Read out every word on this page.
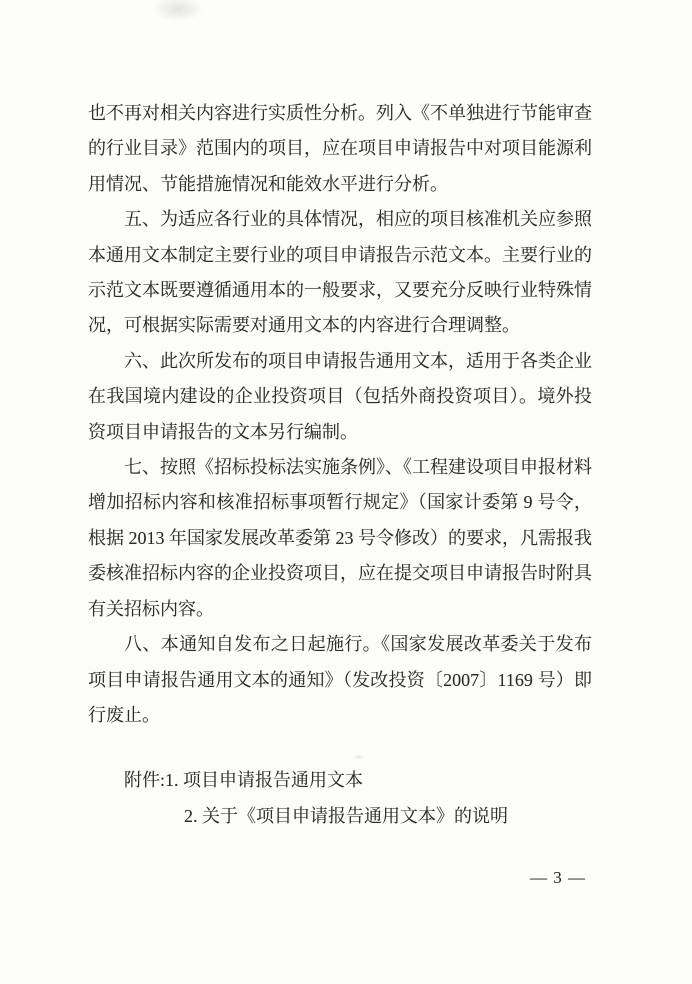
也不再对相关内容进行实质性分析。列入《不单独进行节能审查的行业目录》范围内的项目，应在项目申请报告中对项目能源利用情况、节能措施情况和能效水平进行分析。

五、为适应各行业的具体情况，相应的项目核准机关应参照本通用文本制定主要行业的项目申请报告示范文本。主要行业的示范文本既要遵循通用本的一般要求，又要充分反映行业特殊情况，可根据实际需要对通用文本的内容进行合理调整。

六、此次所发布的项目申请报告通用文本，适用于各类企业在我国境内建设的企业投资项目（包括外商投资项目）。境外投资项目申请报告的文本另行编制。

七、按照《招标投标法实施条例》、《工程建设项目申报材料增加招标内容和核准招标事项暂行规定》（国家计委第 9 号令，根据 2013 年国家发展改革委第 23 号令修改）的要求，凡需报我委核准招标内容的企业投资项目，应在提交项目申请报告时附具有关招标内容。

八、本通知自发布之日起施行。《国家发展改革委关于发布项目申请报告通用文本的通知》（发改投资〔2007〕1169 号）即行废止。

附件:1. 项目申请报告通用文本

2. 关于《项目申请报告通用文本》的说明

— 3 —
